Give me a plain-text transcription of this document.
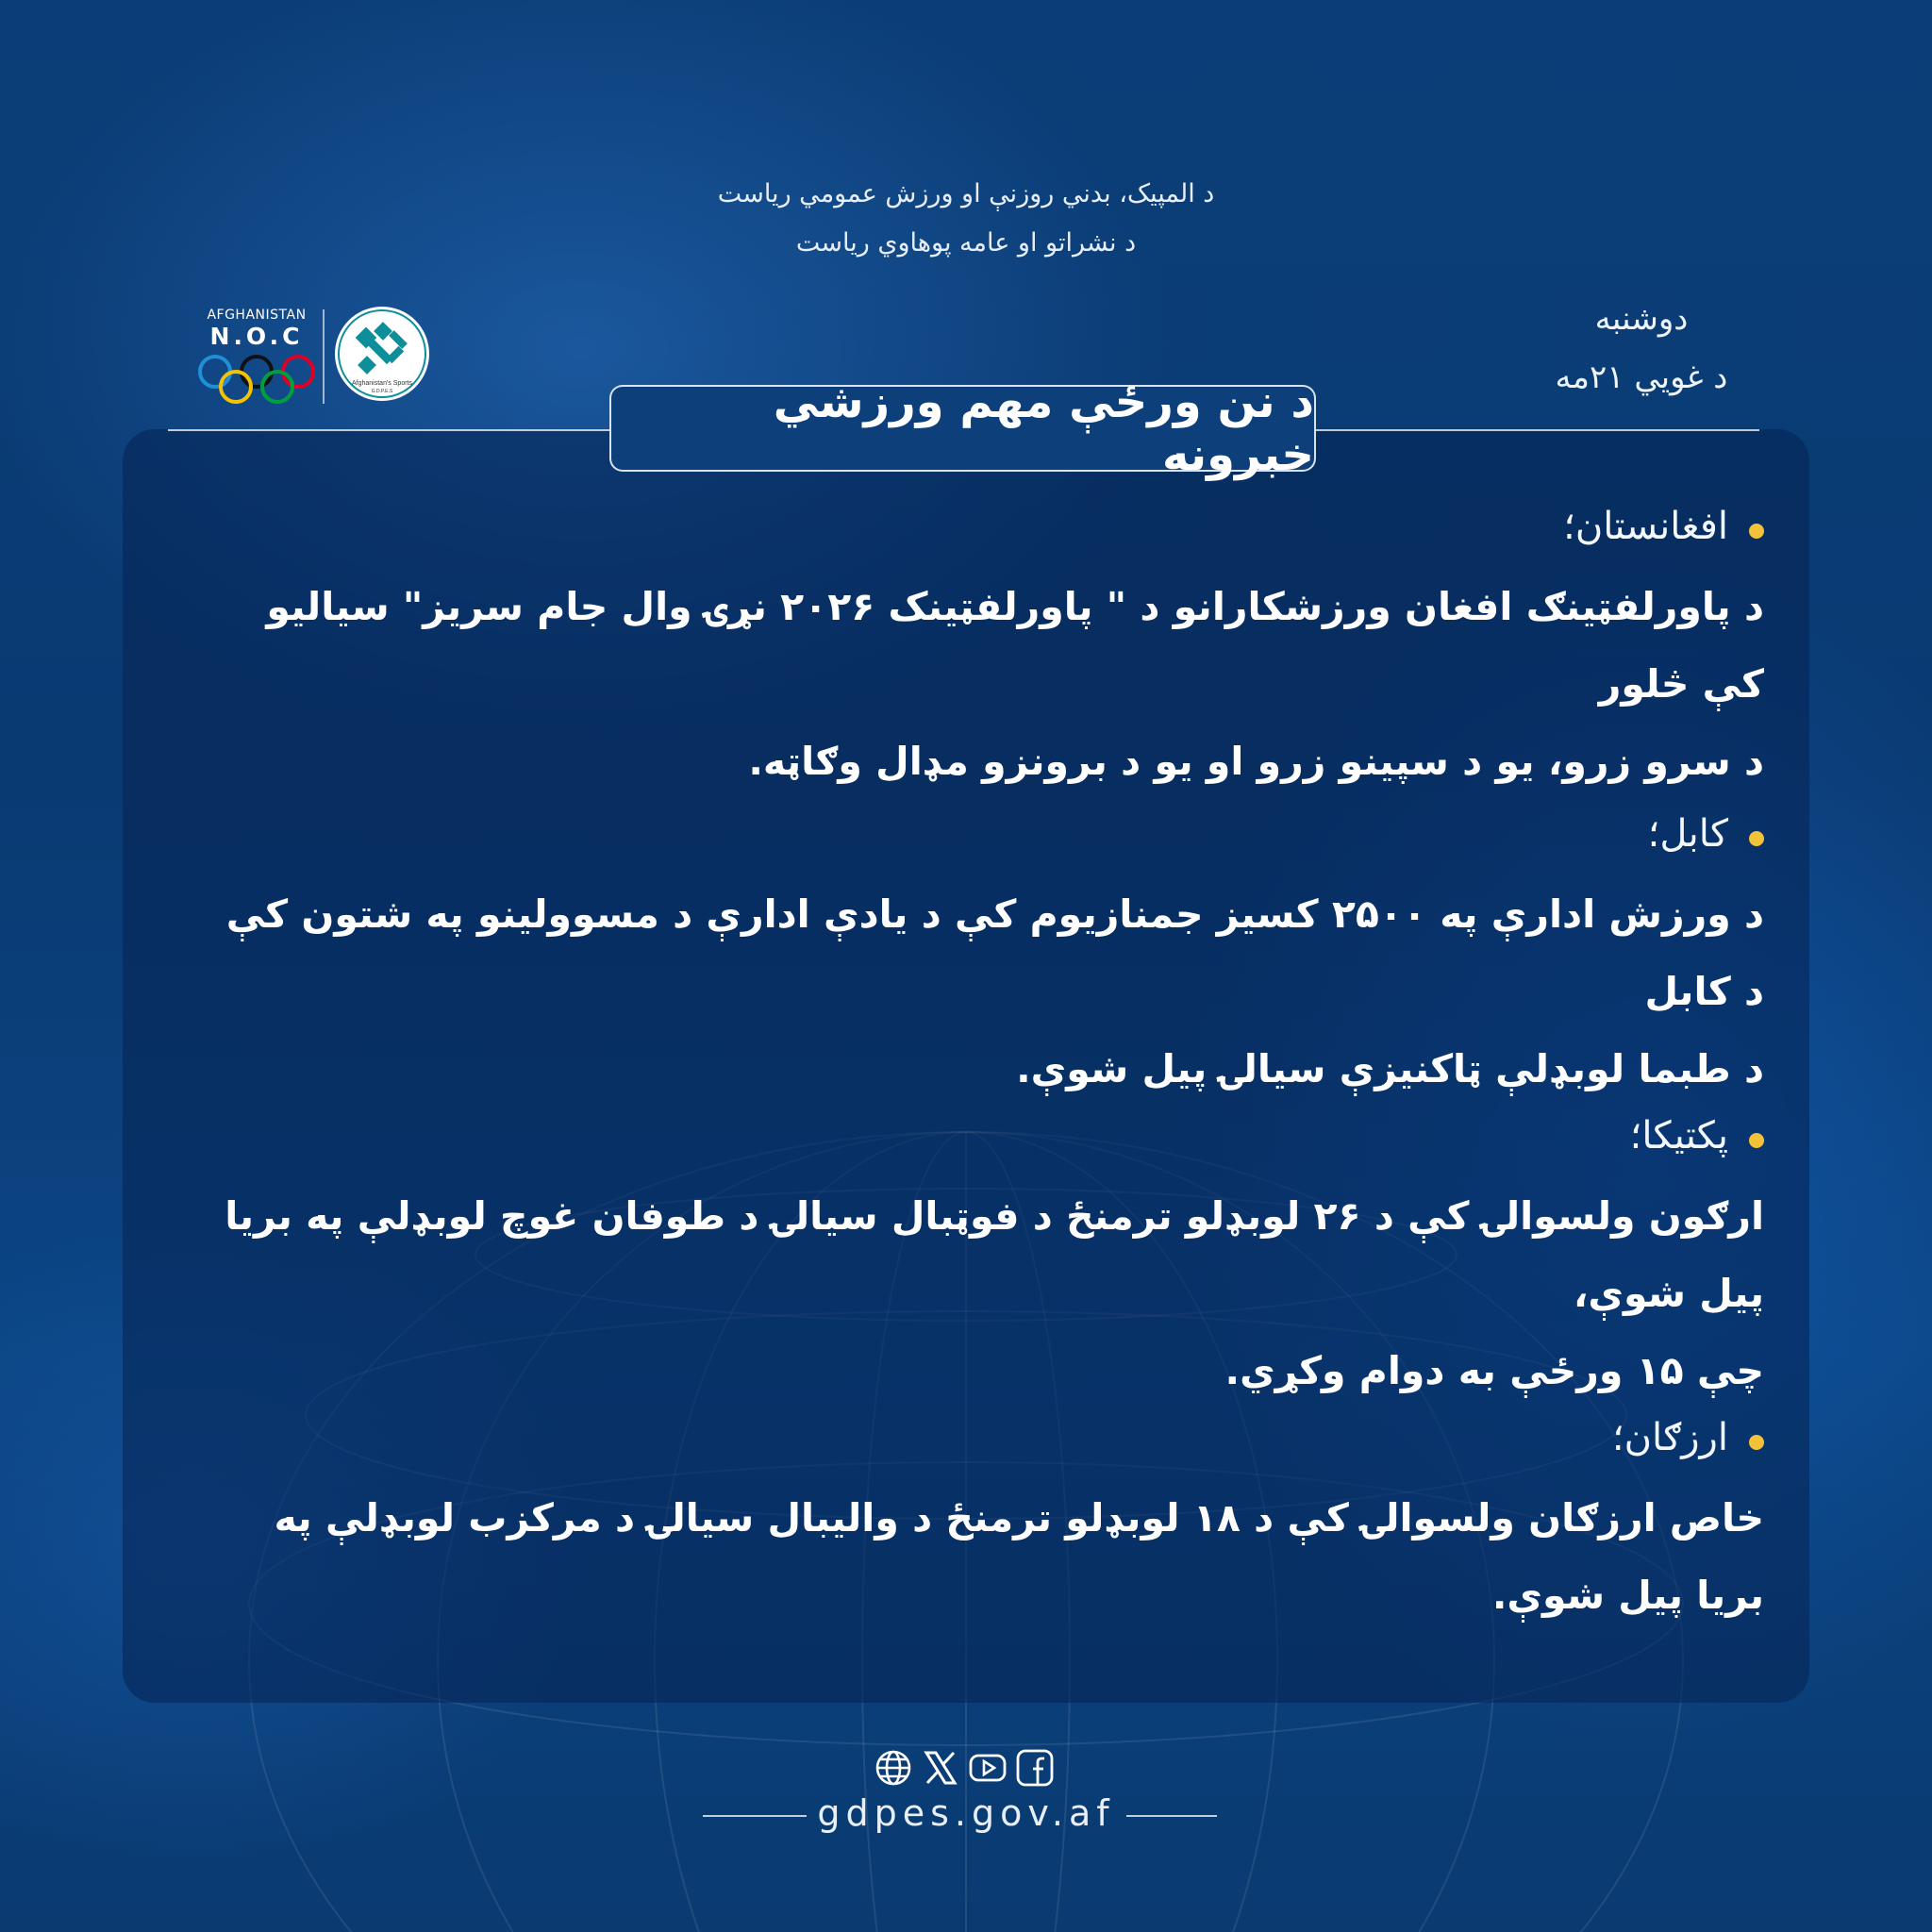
د المپیک، بدني روزنې او ورزش عمومي ریاست
د نشراتو او عامه پوهاوي ریاست
دوشنبه
د غويي ۲۱مه
AFGHANISTAN
N.O.C
Afghanistan's Sports
G.D.P.E.S	د نن ورځې مهم ورزشي خبرونه
افغانستان؛
د پاورلفټینګ افغان ورزشکارانو د " پاورلفټینک ۲۰۲۶ نړۍ وال جام سریز" سیالیو کې څلور
د سرو زرو، یو د سپینو زرو او یو د برونزو مډال وګاټه.
کابل؛
د ورزش ادارې په ۲۵۰۰ کسیز جمنازیوم کې د یادې ادارې د مسوولینو په شتون کې د کابل
د طبما لوبډلې ټاکنیزې سیالۍ پیل شوې.
پکتیکا؛
ارګون ولسوالۍ کې د ۲۶ لوبډلو ترمنځ د فوټبال سیالۍ د طوفان غوچ لوبډلې په بریا پیل شوې،
چې ۱۵ ورځې به دوام وکړي.
ارزګان؛
خاص ارزګان ولسوالۍ کې د ۱۸ لوبډلو ترمنځ د والیبال سیالۍ د مرکزب لوبډلې په بریا پیل شوې.
gdpes.gov.af
